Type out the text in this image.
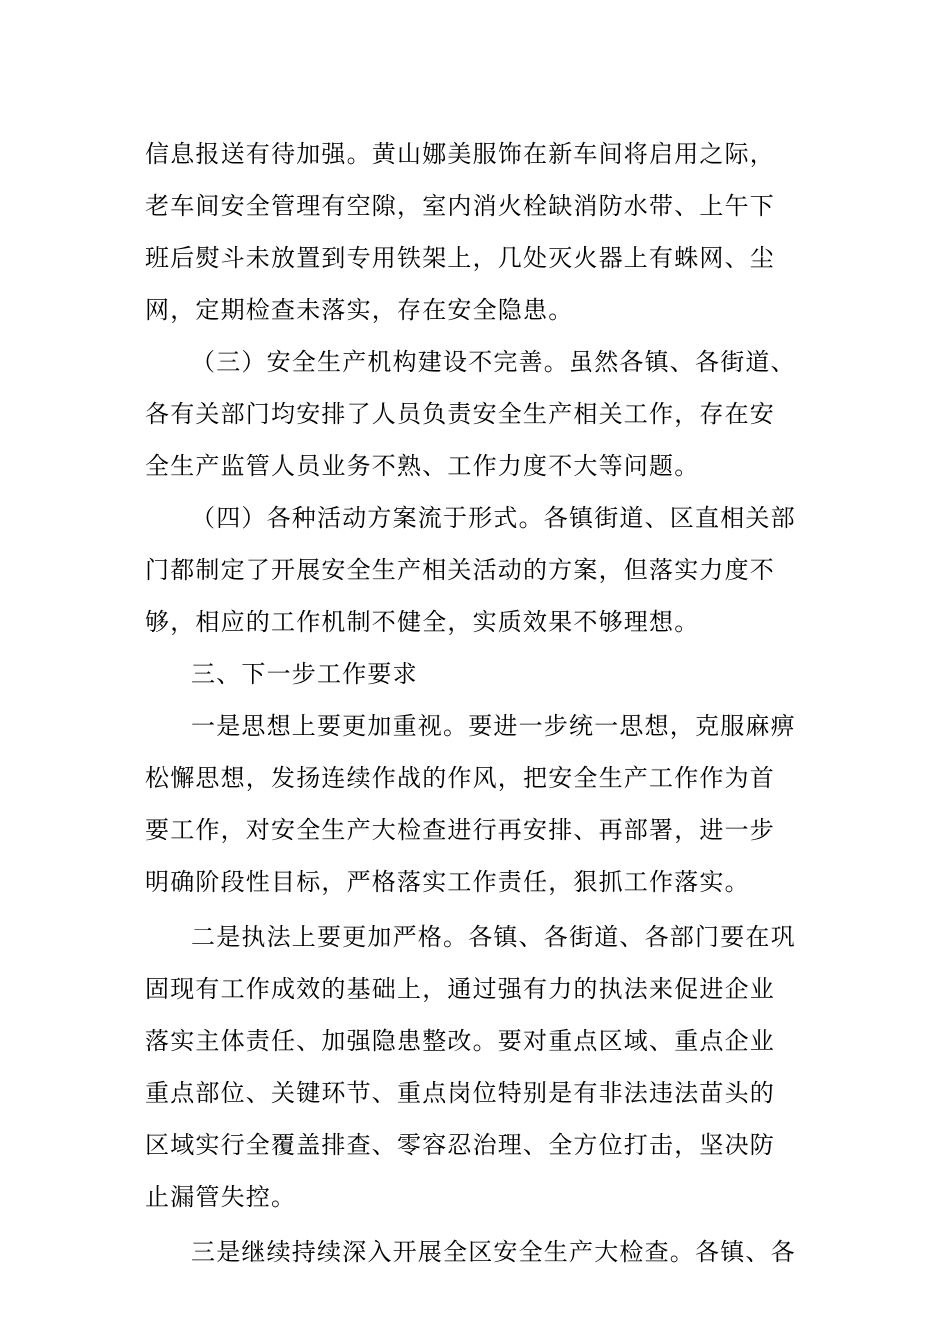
信息报送有待加强。黄山娜美服饰在新车间将启用之际，
老车间安全管理有空隙，室内消火栓缺消防水带、上午下
班后熨斗未放置到专用铁架上，几处灭火器上有蛛网、尘
网，定期检查未落实，存在安全隐患。
（三）安全生产机构建设不完善。虽然各镇、各街道、
各有关部门均安排了人员负责安全生产相关工作，存在安
全生产监管人员业务不熟、工作力度不大等问题。
（四）各种活动方案流于形式。各镇街道、区直相关部
门都制定了开展安全生产相关活动的方案，但落实力度不
够，相应的工作机制不健全，实质效果不够理想。
三、下一步工作要求
一是思想上要更加重视。要进一步统一思想，克服麻痹
松懈思想，发扬连续作战的作风，把安全生产工作作为首
要工作，对安全生产大检查进行再安排、再部署，进一步
明确阶段性目标，严格落实工作责任，狠抓工作落实。
二是执法上要更加严格。各镇、各街道、各部门要在巩
固现有工作成效的基础上，通过强有力的执法来促进企业
落实主体责任、加强隐患整改。要对重点区域、重点企业
重点部位、关键环节、重点岗位特别是有非法违法苗头的
区域实行全覆盖排查、零容忍治理、全方位打击，坚决防
止漏管失控。
三是继续持续深入开展全区安全生产大检查。各镇、各
